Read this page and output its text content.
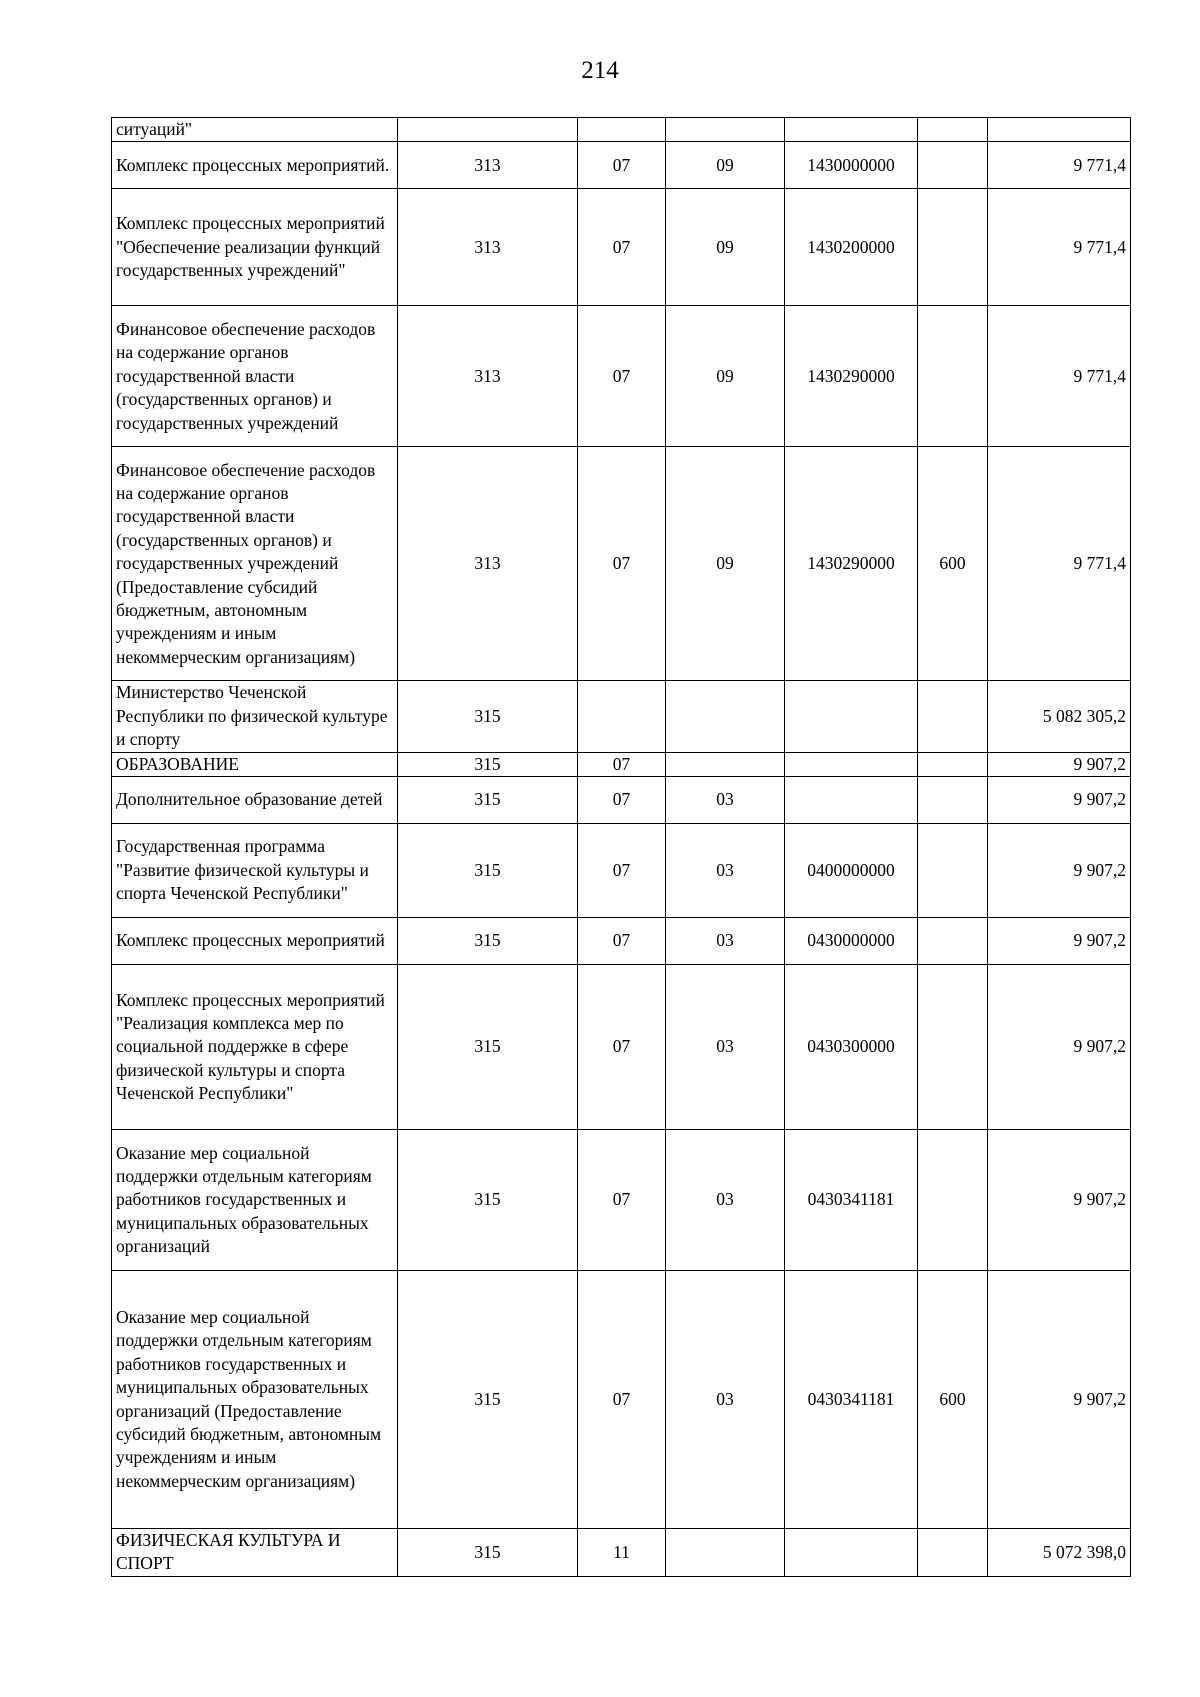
214
ситуаций"						
Комплекс процессных мероприятий.	313	07	09	1430000000		9 771,4
Комплекс процессных мероприятий "Обеспечение реализации функций государственных учреждений"	313	07	09	1430200000		9 771,4
Финансовое обеспечение расходов на содержание органов государственной власти (государственных органов) и государственных учреждений	313	07	09	1430290000		9 771,4
Финансовое обеспечение расходов на содержание органов государственной власти (государственных органов) и государственных учреждений (Предоставление субсидий бюджетным, автономным учреждениям и иным некоммерческим организациям)	313	07	09	1430290000	600	9 771,4
Министерство Чеченской Республики по физической культуре и спорту	315					5 082 305,2
ОБРАЗОВАНИЕ	315	07				9 907,2
Дополнительное образование детей	315	07	03			9 907,2
Государственная программа "Развитие физической культуры и спорта Чеченской Республики"	315	07	03	0400000000		9 907,2
Комплекс процессных мероприятий	315	07	03	0430000000		9 907,2
Комплекс процессных мероприятий "Реализация комплекса мер по социальной поддержке в сфере физической культуры и спорта Чеченской Республики"	315	07	03	0430300000		9 907,2
Оказание мер социальной поддержки отдельным категориям работников государственных и муниципальных образовательных организаций	315	07	03	0430341181		9 907,2
Оказание мер социальной поддержки отдельным категориям работников государственных и муниципальных образовательных организаций (Предоставление субсидий бюджетным, автономным учреждениям и иным некоммерческим организациям)	315	07	03	0430341181	600	9 907,2
ФИЗИЧЕСКАЯ КУЛЬТУРА И СПОРТ	315	11				5 072 398,0
